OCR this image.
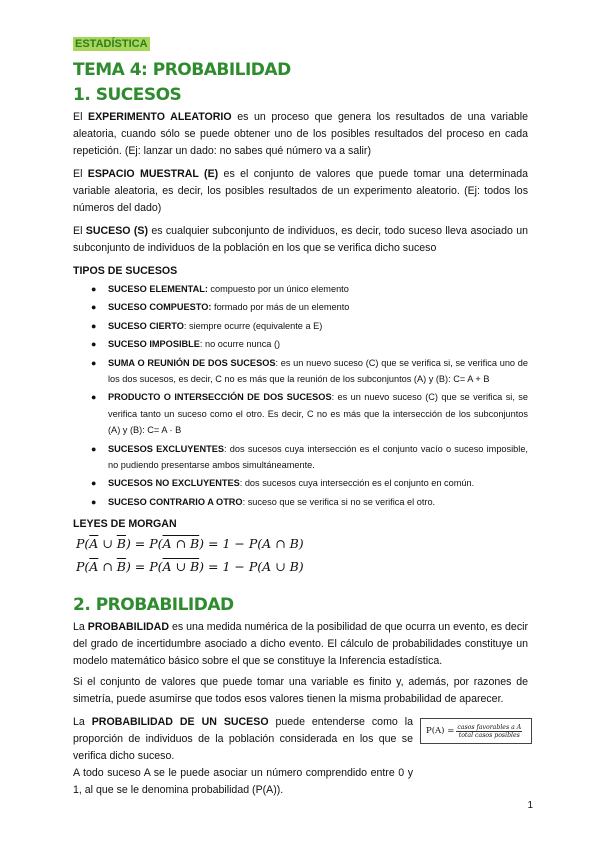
ESTADÍSTICA
TEMA 4: PROBABILIDAD
1. SUCESOS

El EXPERIMENTO ALEATORIO es un proceso que genera los resultados de una variable aleatoria, cuando sólo se puede obtener uno de los posibles resultados del proceso en cada repetición. (Ej: lanzar un dado: no sabes qué número va a salir)

El ESPACIO MUESTRAL (E) es el conjunto de valores que puede tomar una determinada variable aleatoria, es decir, los posibles resultados de un experimento aleatorio. (Ej: todos los números del dado)

El SUCESO (S) es cualquier subconjunto de individuos, es decir, todo suceso lleva asociado un subconjunto de individuos de la población en los que se verifica dicho suceso

TIPOS DE SUCESOS
● SUCESO ELEMENTAL: compuesto por un único elemento
● SUCESO COMPUESTO: formado por más de un elemento
● SUCESO CIERTO: siempre ocurre (equivalente a E)
● SUCESO IMPOSIBLE: no ocurre nunca ()
● SUMA O REUNIÓN DE DOS SUCESOS: es un nuevo suceso (C) que se verifica si, se verifica uno de los dos sucesos, es decir, C no es más que la reunión de los subconjuntos (A) y (B): C= A + B
● PRODUCTO O INTERSECCIÓN DE DOS SUCESOS: es un nuevo suceso (C) que se verifica si, se verifica tanto un suceso como el otro. Es decir, C no es más que la intersección de los subconjuntos (A) y (B): C= A · B
● SUCESOS EXCLUYENTES: dos sucesos cuya intersección es el conjunto vacío o suceso imposible, no pudiendo presentarse ambos simultáneamente.
● SUCESOS NO EXCLUYENTES: dos sucesos cuya intersección es el conjunto en común.
● SUCESO CONTRARIO A OTRO: suceso que se verifica si no se verifica el otro.
LEYES DE MORGAN
$P(\overline{A}$ ∪ $\overline{B}) = P(A$ ∩ B) = 1 − P(A ∩ B)
$P(\overline{A}$ ∩ $\overline{B}) = P(A$ ∪ B) = 1 − P(A ∪ B)
2. PROBABILIDAD

La PROBABILIDAD es una medida numérica de la posibilidad de que ocurra un evento, es decir del grado de incertidumbre asociado a dicho evento. El cálculo de probabilidades constituye un modelo matemático básico sobre el que se constituye la Inferencia estadística.

Si el conjunto de valores que puede tomar una variable es finito y, además, por razones de simetría, puede asumirse que todos esos valores tienen la misma probabilidad de aparecer.

La PROBABILIDAD DE UN SUCESO puede entenderse como la proporción de individuos de la población considerada en los que se verifica dicho suceso.

A todo suceso A se le puede asociar un número comprendido entre 0 y 1, al que se le denomina probabilidad (P(A)).

$P(A) = \frac{\text{casos favorables a A}}{\text{total casos posibles}}$
1
